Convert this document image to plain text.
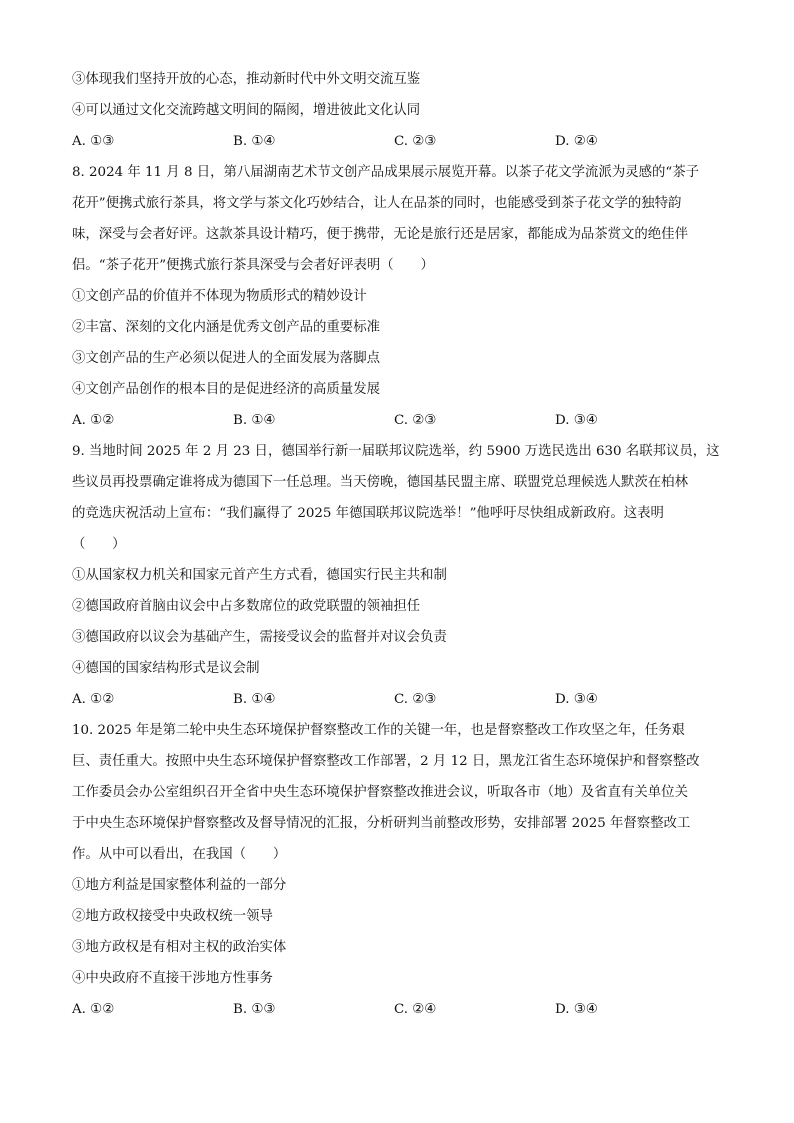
③体现我们坚持开放的心态，推动新时代中外文明交流互鉴

④可以通过文化交流跨越文明间的隔阂，增进彼此文化认同

A. ①③	B. ①④	C. ②③	D. ②④

8. 2024 年 11 月 8 日，第八届湖南艺术节文创产品成果展示展览开幕。以茶子花文学流派为灵感的“茶子

花开”便携式旅行茶具，将文学与茶文化巧妙结合，让人在品茶的同时，也能感受到茶子花文学的独特韵

味，深受与会者好评。这款茶具设计精巧，便于携带，无论是旅行还是居家，都能成为品茶赏文的绝佳伴

侣。“茶子花开”便携式旅行茶具深受与会者好评表明（　　）

①文创产品的价值并不体现为物质形式的精妙设计

②丰富、深刻的文化内涵是优秀文创产品的重要标准

③文创产品的生产必须以促进人的全面发展为落脚点

④文创产品创作的根本目的是促进经济的高质量发展

A. ①②	B. ①④	C. ②③	D. ③④

9. 当地时间 2025 年 2 月 23 日，德国举行新一届联邦议院选举，约 5900 万选民选出 630 名联邦议员，这

些议员再投票确定谁将成为德国下一任总理。当天傍晚，德国基民盟主席、联盟党总理候选人默茨在柏林

的竞选庆祝活动上宣布：“我们赢得了 2025 年德国联邦议院选举！”他呼吁尽快组成新政府。这表明

（　　）

①从国家权力机关和国家元首产生方式看，德国实行民主共和制

②德国政府首脑由议会中占多数席位的政党联盟的领袖担任

③德国政府以议会为基础产生，需接受议会的监督并对议会负责

④德国的国家结构形式是议会制

A. ①②	B. ①④	C. ②③	D. ③④

10. 2025 年是第二轮中央生态环境保护督察整改工作的关键一年，也是督察整改工作攻坚之年，任务艰

巨、责任重大。按照中央生态环境保护督察整改工作部署，2 月 12 日，黑龙江省生态环境保护和督察整改

工作委员会办公室组织召开全省中央生态环境保护督察整改推进会议，听取各市（地）及省直有关单位关

于中央生态环境保护督察整改及督导情况的汇报，分析研判当前整改形势，安排部署 2025 年督察整改工

作。从中可以看出，在我国（　　）

①地方利益是国家整体利益的一部分

②地方政权接受中央政权统一领导

③地方政权是有相对主权的政治实体

④中央政府不直接干涉地方性事务

A. ①②	B. ①③	C. ②④	D. ③④
